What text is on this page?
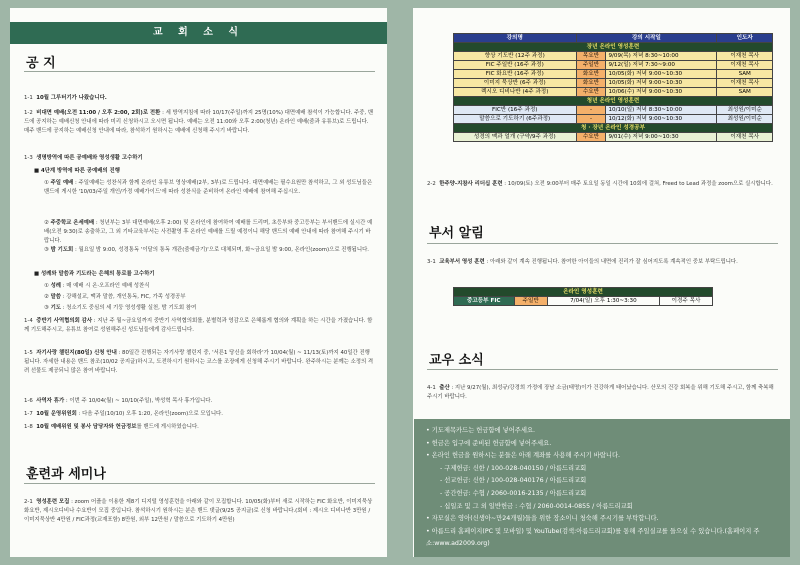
교 회 소 식
공 지
1-1 10월 그루터기가 나왔습니다.
1-2 비대면 예배(오전 11:00 / 오후 2:00, 2회)로 전환 : 세 방역지침에 따라 10/17(주일)까지 25명(10%) 대면예배 참석이 가능합니다. 주중, 밴드에 공지하는 예배신청 안내에 따라 미리 신청하시고 오시면 됩니다. 예배는 오전 11:00와 오후 2:00(청년) 온라인 예배(줌과 유튜브)로 드립니다. 매주 밴드에 공지하는 예배신청 안내에 따라, 참석하기 원하시는 예배에 신청해 주시기 바랍니다.
1-3 생명방역에 따른 공예배와 영성생활 고수하기
■ 4단계 방역에 따른 공예배의 진행
① 주일 예배 : 주일예배는 성찬식과 함께 온라인 유튜브 영상예배(2부, 3부)로 드립니다. 대면예배는 필수요원만 참석하고, 그 외 성도님들은 밴드에 게시한 '10/03/주일 개인/가정 예배가이드'에 따라 성찬식을 준비하여 온라인 예배에 참여해 주십시오.
② 주중학교 온세예배 : 청년부는 3부 대면예배(오후 2:00) 및 온라인에 참여하여 예배를 드리며, 초등부와 중고등부는 부서밴드에 실시간 예배(오전 9:30)로 송출하고, 그 외 기타교육부서는 사전촬영 후 온라인 예배를 드릴 예정이니 해당 밴드의 예배 안내에 따라 참여해 주시기 바랍니다.
③ 밤 기도회 : 월요일 밤 9:00, 성경통독 '이달의 통독 개관(줌예금기)'으로 대체되며, 화~금요일 밤 9:00, 온라인(zoom)으로 진행됩니다.
■ 성례와 말씀과 기도라는 은혜의 통로를 고수하기
① 성례 : 매 예배 시 온·오프라인 예배 성찬식
② 말씀 : 강해설교, 맥과 말씀, 개인통독, FIC, 가족 성경공부
③ 기도 : 청소기도 중심의 세 기둥 영성생활 실천, 밤 기도회 참여
1-4 중반기 사역협의회 감사 : 지난 주 월~금요일까지 중반기 사역협의회를, 분별력과 영감으로 은혜롭게 협의와 계획을 하는 시간을 가졌습니다. 함께 기도해주시고, 유튜브 참여로 성원해주신 성도님들에게 감사드립니다.
1-5 자기사랑 챌린지(80일) 신청 안내 : 80일간 진행되는 자기사랑 챌린지 중, '서른1 당신을 회하라'가 10/04(월) ~ 11/13(토)까지 40일간 진행됩니다. 자세한 내용은 밴드 참조(10/02 공지글)하시고, 도전하시기 원하시는 코스를 조장에게 신청해 주시기 바랍니다. 완주하시는 분께는 소정의 격려 선물도 제공되니 많은 참여 바랍니다.
1-6 사역자 휴가 : 이번 주 10/04(월) ~ 10/10(주일), 박성혁 목사 휴가입니다.
1-7 10월 운영위원회 : 다음 주일(10/10) 오후 1:20, 온라인(zoom)으로 모입니다.
1-8 10월 예배위원 및 봉사 담당자와 헌금정보를 밴드에 게시하였습니다.
훈련과 세미나
2-1 영성훈련 모집 : zoom 어플을 이용한 제8기 디지털 영성훈련을 아래와 같이 모집합니다. 10/05(화)부터 새로 시작하는 FIC 화요반, 이미지묵상 화요반, 제시오디비나 수요반이 모집 중입니다. 참석하시기 원하시는 분은 밴드 댓글(9/25 공지글)로 신청 바랍니다.(회비 : 제시오 디비나반 3만원 / 이미지묵상반 4만원 / FIC과정(교재포함) 8만원, 외부 12만원 / 말씀으로 기도하기 4만원)
강의명	강의 시작일		인도자
장년 온라인 영성훈련			
향상 기도반 (12주 과정)	목요반	9/09(목) 저녁 8:30~10:00	이재천 목사
FIC 주일반 (16주 과정)	주일반	9/12(일) 저녁 7:30~9:00	이재천 목사
FIC 화요반 (16주 과정)	화요반	10/05(화) 저녁 9:00~10:30	SAM
이미지 묵상반 (6주 과정)	화요반	10/05(화) 저녁 9:00~10:30	이재천 목사
렉시오 디비나반 (4주 과정)	수요반	10/06(수) 저녁 9:00~10:30	SAM
청년 온라인 영성훈련			
FIC반 (16주 과정)	-	10/10(일) 저녁 8:30~10:00	최성원/이미순
말씀으로 기도하기 (6주과정)	-	10/12(화) 저녁 9:00~10:30	최성원/이미순
청 · 장년 온라인 성경공부			
성경의 맥과 얼개 (구약/9주 과정)	수요반	9/01(수) 저녁 9:00~10:30	이재천 목사
2-2 한주양-지참사 리더십 훈련 : 10/09(토) 오전 9:00부터 매주 토요일 동일 시간에 10회에 걸쳐, Freed to Lead 과정을 zoom으로 실시합니다.
부서 알림
3-1 교육부서 영성 훈련 : 아래와 같이 계속 진행됩니다. 참여한 아이들의 내면에 진리가 잘 심어지도록 계속적인 중보 부탁드립니다.
온라인 영성훈련
중고등부 FIC	주일반	7/04(일) 오후 1:30~3:30	이경주 목사
교우 소식
4-1 출산 : 지난 9/27(월), 최성규/강경희 가정에 장남 소금(태명)이가 건강하게 태어났습니다. 산모의 건강 회복을 위해 기도해 주시고, 함께 축복해 주시기 바랍니다.
• 기도제목카드는 헌금함에 넣어주세요.
• 헌금은 입구에 준비된 헌금함에 넣어주세요.
• 온라인 헌금을 원하시는 분들은 아래 계좌를 사용해 주시기 바랍니다.
- 구제헌금: 신한 / 100-028-040150 / 아름드리교회
- 선교헌금: 신한 / 100-028-040176 / 아름드리교회
- 공간헌금: 수협 / 2060-0016-2135 / 아름드리교회
- 십일조 및 그 외 일반헌금 : 수협 / 2060-0014-0855 / 아름드리교회
• 자모실은 영아(신생아~만24개월)들을 위한 장소이니 청숙해 주시기를 부탁합니다.
• 아름드리 홈페이지(PC 및 모바일) 및 YouTube(검색:아름드리교회)를 통해 주일실교를 들으실 수 있습니다.(홈페이지 주소:www.ad2009.org)
